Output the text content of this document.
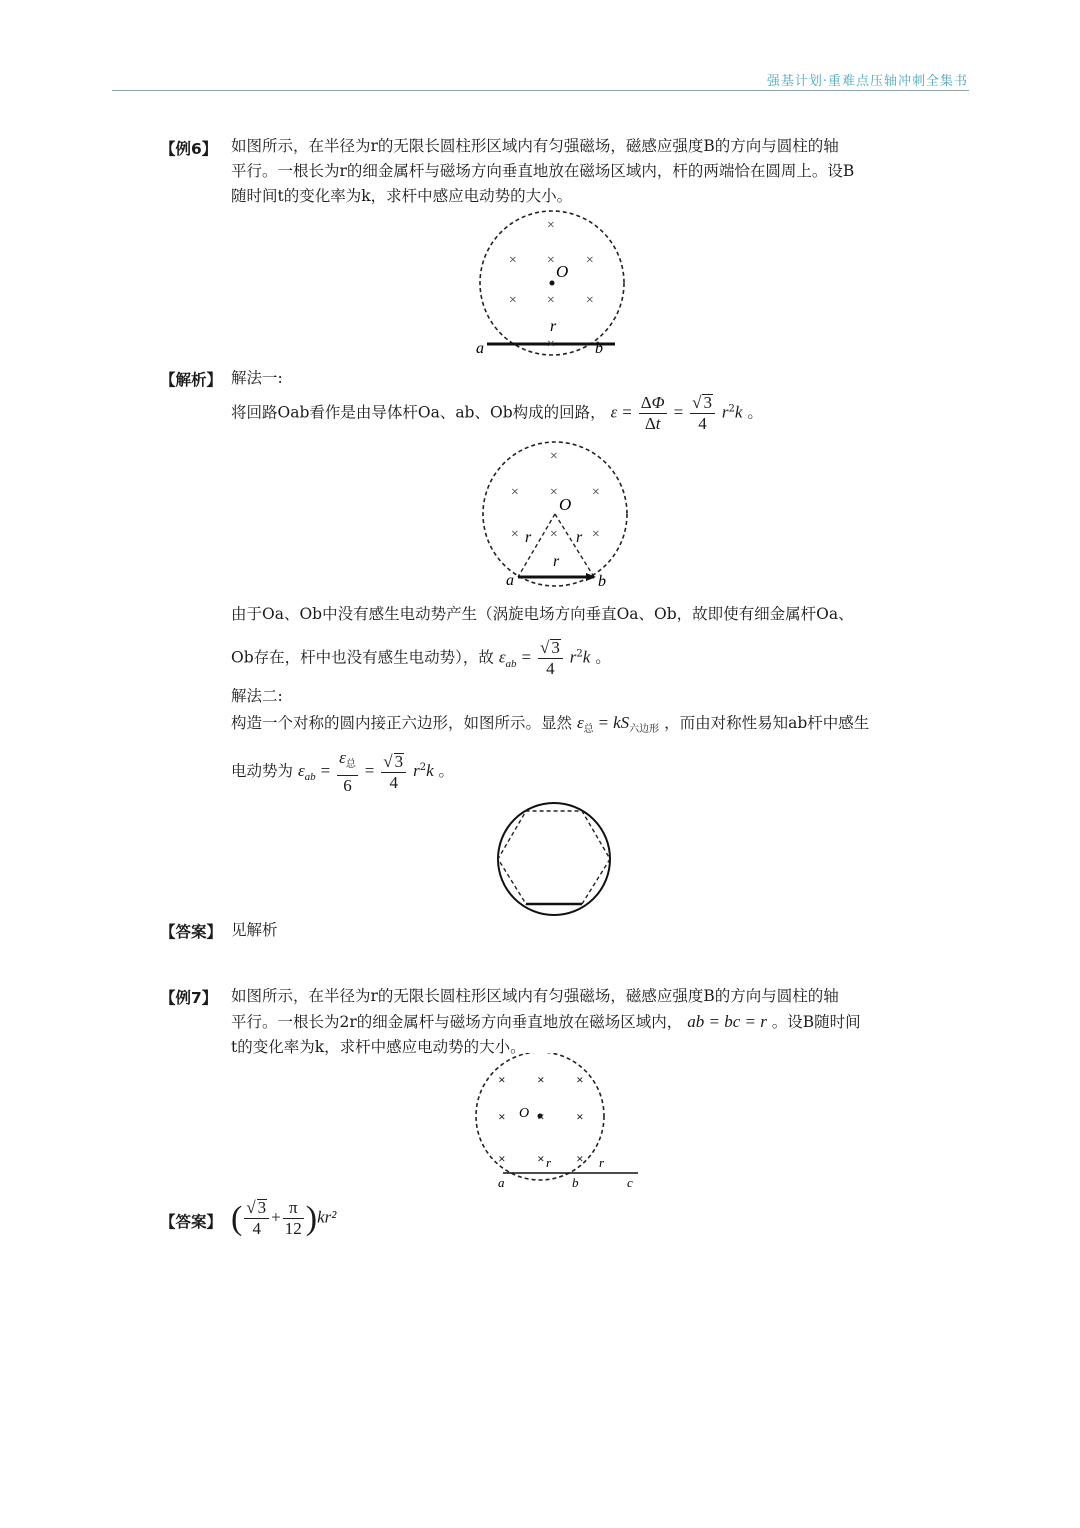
强基计划·重难点压轴冲刺全集书
【例6】 如图所示，在半径为r的无限长圆柱形区域内有匀强磁场，磁感应强度B的方向与圆柱的轴
平行。一根长为r的细金属杆与磁场方向垂直地放在磁场区域内，杆的两端恰在圆周上。设B
随时间t的变化率为k，求杆中感应电动势的大小。
O
r
a	b
×
× × ×
× × ×
×
【解析】 解法一:
将回路Oab看作是由导体杆Oa、ab、Ob构成的回路， $\varepsilon = \frac{\Delta\Phi}{\Delta t} = \frac{√ 3}{4} r^2k$ 。
O
r	r
r
a	b
×
× × ×
× × ×
由于Oa、Ob中没有感生电动势产生（涡旋电场方向垂直Oa、Ob，故即使有细金属杆Oa、
Ob存在，杆中也没有感生电动势），故 $\varepsilon_{ab} = \frac{√ 3}{4} r^2k$ 。
解法二:
构造一个对称的圆内接正六边形，如图所示。显然 $\varepsilon_总 = kS_{六边形}$ ，而由对称性易知ab杆中感生
电动势为 $\varepsilon_{ab} = \frac{\varepsilon_总}{6} = \frac{√ 3}{4} r^2k$ 。
【答案】 见解析
【例7】 如图所示，在半径为r的无限长圆柱形区域内有匀强磁场，磁感应强度B的方向与圆柱的轴
平行。一根长为2r的细金属杆与磁场方向垂直地放在磁场区域内， ab = bc = r 。设B随时间
t的变化率为k，求杆中感应电动势的大小。
O
r	r
a	b	c
× × ×
× × ×
× × ×
【答案】 ( $\frac{√ 3}{4} + \frac{\pi}{12} )kr^2$
